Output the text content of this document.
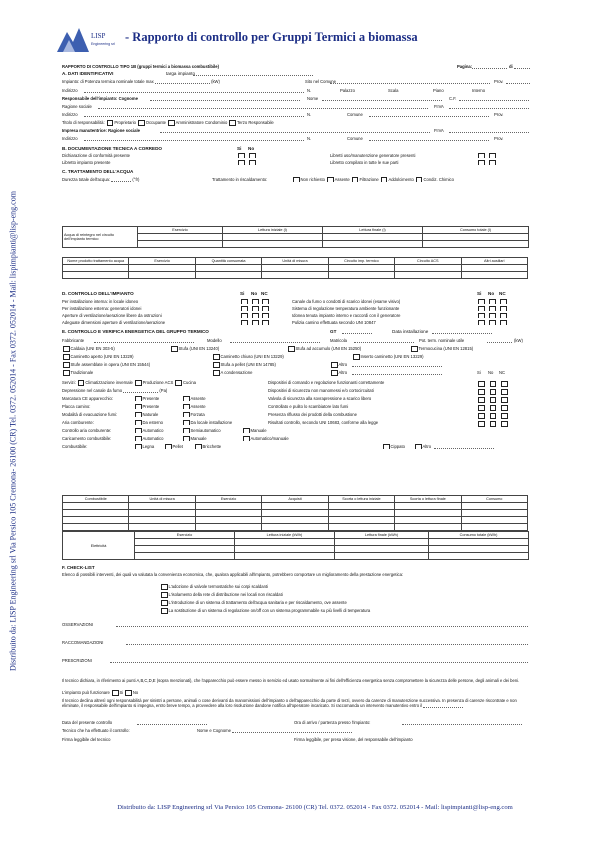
Distribuito da: LISP Engineering srl Via Persico 105 Cremona- 26100 (CR) Tel. 0372. 052014 - Fax 0372. 052014 - Mail: lispimpianti@lisp-eng.com
LISP
Engineering srl - Rapporto di controllo per Gruppi Termici a biomassa
RAPPORTO DI CONTROLLO TIPO 1B (gruppi termici a biomassa combustibile)	Pagina:	di
A. DATI IDENTIFICATIVI	targa impianto
Impianto: di Potenza termica nominale totale max	(kW)	Sito nel Comune	Prov.
Indirizzo	N.	Palazzo	Scala	Piano	Interno
Responsabile dell'impianto: Cognome	Nome	C.F.
Ragione sociale	P.IVA
Indirizzo	N.	Comune	Prov.
Titolo di responsabilità: Proprietario Occupante Amministratore Condominio Terzo Responsabile
Impresa manutentrice: Ragione sociale	P.IVA
Indirizzo	N.	Comune	Prov.
B. DOCUMENTAZIONE TECNICA A CORREDO	Si No
Dichiarazione di conformità presente	Libretti uso/manutenzione generatore presenti
Libretto impianto presente	Libretto compilato in tutte le sue parti
C. TRATTAMENTO DELL'ACQUA
Durezza totale dell'acqua:	(°fr)	Trattamento in riscaldamento:	Non richiesto Assente Filtrazione Addolcimento Condiz. Chimico

Acqua di reintegro nel circuito dell'impianto termico	Esercizio	Lettura iniziale (l)	Lettura finale (l)	Consumo totale (l)

Nome prodotto trattamento acqua	Esercizio	Quantità consumata	Unità di misura	Circuito imp. termico	Circuito ACS	Altri ausiliari

D. CONTROLLO DELL'IMPIANTO	Si No NC	Si No NC
Per installazione interna: in locale idoneo	Canale da fumo o condotti di scarico idonei (esame visivo)
Per installazione esterna: generatori idonei	Sistema di regolazione temperatura ambiente funzionante
Aperture di ventilazione/aerazione libere da ostruzioni	Idonea tenuta impianto interno e raccordi con il generatore
Adeguate dimensioni aperture di ventilazione/aerazione	Pulizia camino effettuata secondo UNI 10847
E. CONTROLLO E VERIFICA ENERGETICA DEL GRUPPO TERMICO	GT	Data installazione
Fabbricante	Modello	Matricola	Pot. term. nominale utile	(kW)
Caldaia (UNI EN 303-5)	Stufa (UNI EN 13240)	Stufa ad accumulo (UNI EN 15250)	Termocucina (UNI EN 12815)
Caminetto aperto (UNI EN 13229)	Caminetto chiuso (UNI EN 13229)	Inserto caminetto (UNI EN 13229)
Stufe assemblate in opera (UNI EN 15544)	Stufa a pellet (UNI EN 14785)	Altro
Tradizionale	A condensazione	Altro	Si No NC
Servizi: Climatizzazione invernale Produzione ACS Cucina
Depressione nel canale da fumo	(Pa)
Marcatura CE apparecchio:	Presente	Assente
Placca camino:	Presente	Assente
Modalità di evacuazione fumi:	Naturale	Forzata
Aria comburente:	Da esterno	Da locale installazione
Controllo aria comburente:	Automatico	Semiautomatico	Manuale
Caricamento combustibile:	Automatico	Manuale	Automatico/manuale
Combustibile:	Legna	Pellet	Bricchette	Cippato	Altro
Dispositivi di comando e regolazione funzionanti correttamente
Dispositivi di sicurezza non manomessi e/o cortocircuitati
Valvola di sicurezza alla sovrapressione a scarico libero
Controllato e pulito lo scambiatore lato fumi
Presenza riflusso dei prodotti della combustione
Risultati controllo, secondo UNI 10683, conforme alla legge
Combustibile	Unità di misura	Esercizio	Acquisti	Scorta o lettura iniziale	Scorta o lettura finale	Consumo

Elettricità	Esercizio	Lettura iniziale (kWh)	Lettura finale (kWh)	Consumo totale (kWh)

F. CHECK-LIST
Elenco di possibili interventi, dei quali va valutata la convenienza economica, che, qualora applicabili all'impianto, potrebbero comportare un miglioramento della prestazione energetica:
L'adozione di valvole termostatiche sui corpi scaldanti
L'isolamento della rete di distribuzione nei locali non riscaldati
L'introduzione di un sistema di trattamento dell'acqua sanitaria e per riscaldamento, ove assente
La sostituzione di un sistema di regolazione on/off con un sistema programmabile su più livelli di temperatura
OSSERVAZIONI
RACCOMANDAZIONI
PRESCRIZIONI
Il tecnico dichiara, in riferimento ai punti A,B,C,D,E (sopra menzionati), che l'apparecchio può essere messo in servizio ed usato normalmente ai fini dell'efficienza energetica senza compromettere la sicurezza delle persone, degli animali e dei beni.
L'impianto può funzionare Si No
Il tecnico declina altresì ogni responsabilità per sinistri a persone, animali o cose derivanti da manomissioni dell'impianto o dell'apparecchio da parte di terzi, ovvero da carenze di manutenzione successiva. In presenza di carenze riscontrate e non eliminate, il responsabile dell'impianto si impegna, entro breve tempo, a provvedere alla loro risoluzione dandone notifica all'operatore incaricato. Si raccomanda un intervento manutentivo entro il
Data del presente controllo	Ora di arrivo / partenza presso l'impianto:
Tecnico che ha effettuato il controllo:	Nome e Cognome
Firma leggibile del tecnico	Firma leggibile, per presa visione, del responsabile dell'impianto
Distribuito da: LISP Engineering srl Via Persico 105 Cremona- 26100 (CR) Tel. 0372. 052014 - Fax 0372. 052014 - Mail: lispimpianti@lisp-eng.com
